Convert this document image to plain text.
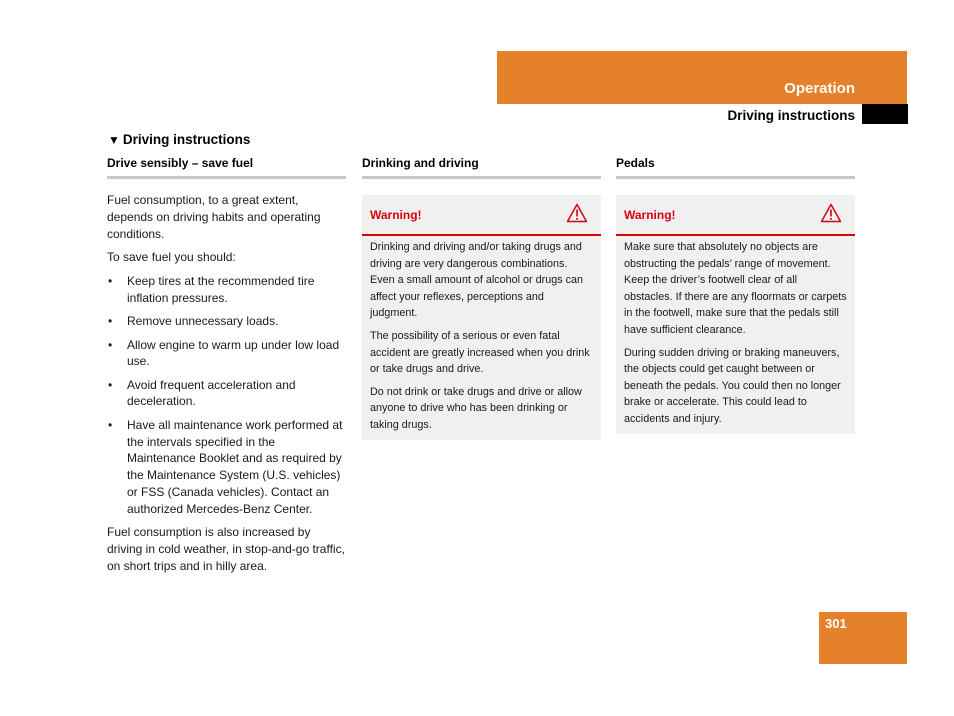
Operation
Driving instructions
▼ Driving instructions
Drive sensibly – save fuel

Fuel consumption, to a great extent, depends on driving habits and operating conditions.

To save fuel you should:

• Keep tires at the recommended tire inflation pressures.
• Remove unnecessary loads.
• Allow engine to warm up under low load use.
• Avoid frequent acceleration and deceleration.
• Have all maintenance work performed at the intervals specified in the Maintenance Booklet and as required by the Maintenance System (U.S. vehicles) or FSS (Canada vehicles). Contact an authorized Mercedes-Benz Center.

Fuel consumption is also increased by driving in cold weather, in stop-and-go traffic, on short trips and in hilly area.

Drinking and driving
Warning!

Drinking and driving and/or taking drugs and driving are very dangerous combinations. Even a small amount of alcohol or drugs can affect your reflexes, perceptions and judgment.

The possibility of a serious or even fatal accident are greatly increased when you drink or take drugs and drive.

Do not drink or take drugs and drive or allow anyone to drive who has been drinking or taking drugs.

Pedals
Warning!

Make sure that absolutely no objects are obstructing the pedals’ range of movement. Keep the driver’s footwell clear of all obstacles. If there are any floormats or carpets in the footwell, make sure that the pedals still have sufficient clearance.

During sudden driving or braking maneuvers, the objects could get caught between or beneath the pedals. You could then no longer brake or accelerate. This could lead to accidents and injury.

301
